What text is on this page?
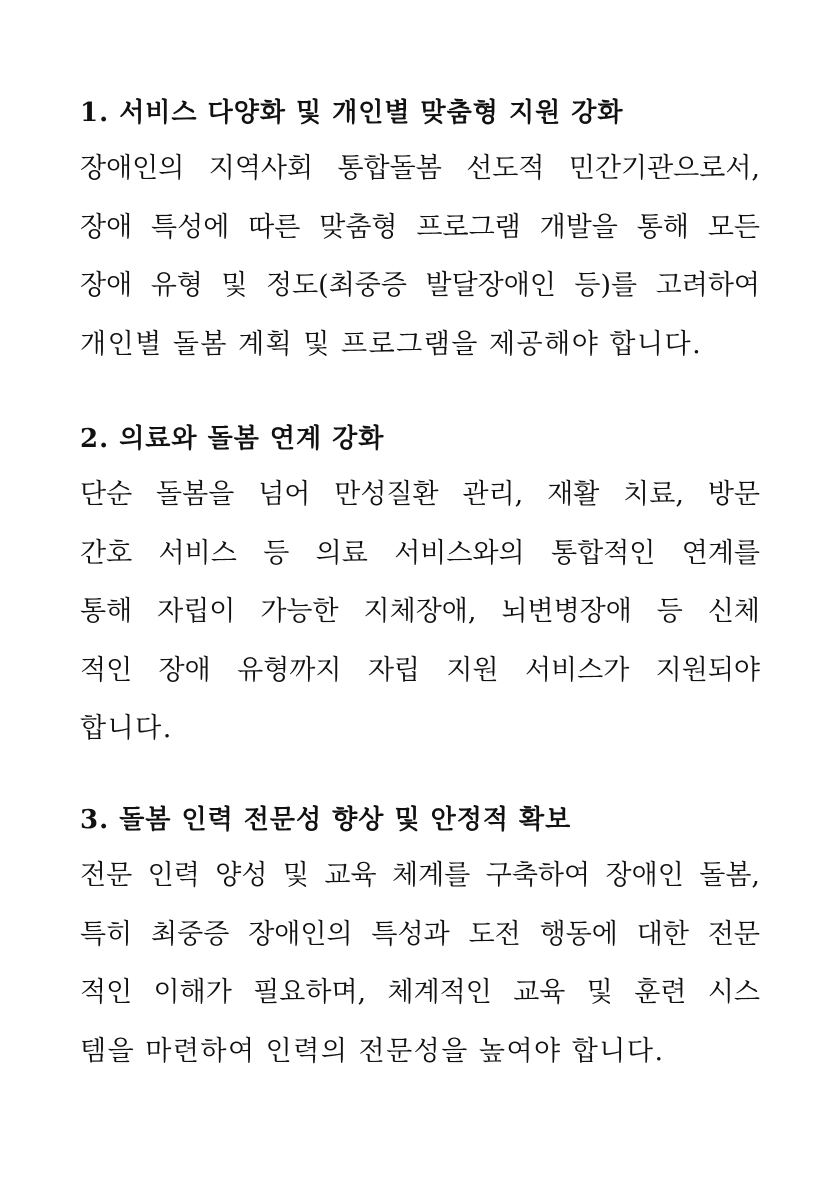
1. 서비스 다양화 및 개인별 맞춤형 지원 강화

장애인의 지역사회 통합돌봄 선도적 민간기관으로서,

장애 특성에 따른 맞춤형 프로그램 개발을 통해 모든

장애 유형 및 정도(최중증 발달장애인 등)를 고려하여

개인별 돌봄 계획 및 프로그램을 제공해야 합니다.

2. 의료와 돌봄 연계 강화

단순 돌봄을 넘어 만성질환 관리, 재활 치료, 방문

간호 서비스 등 의료 서비스와의 통합적인 연계를

통해 자립이 가능한 지체장애, 뇌변병장애 등 신체

적인 장애 유형까지 자립 지원 서비스가 지원되야

합니다.

3. 돌봄 인력 전문성 향상 및 안정적 확보

전문 인력 양성 및 교육 체계를 구축하여 장애인 돌봄,

특히 최중증 장애인의 특성과 도전 행동에 대한 전문

적인 이해가 필요하며, 체계적인 교육 및 훈련 시스

템을 마련하여 인력의 전문성을 높여야 합니다.
